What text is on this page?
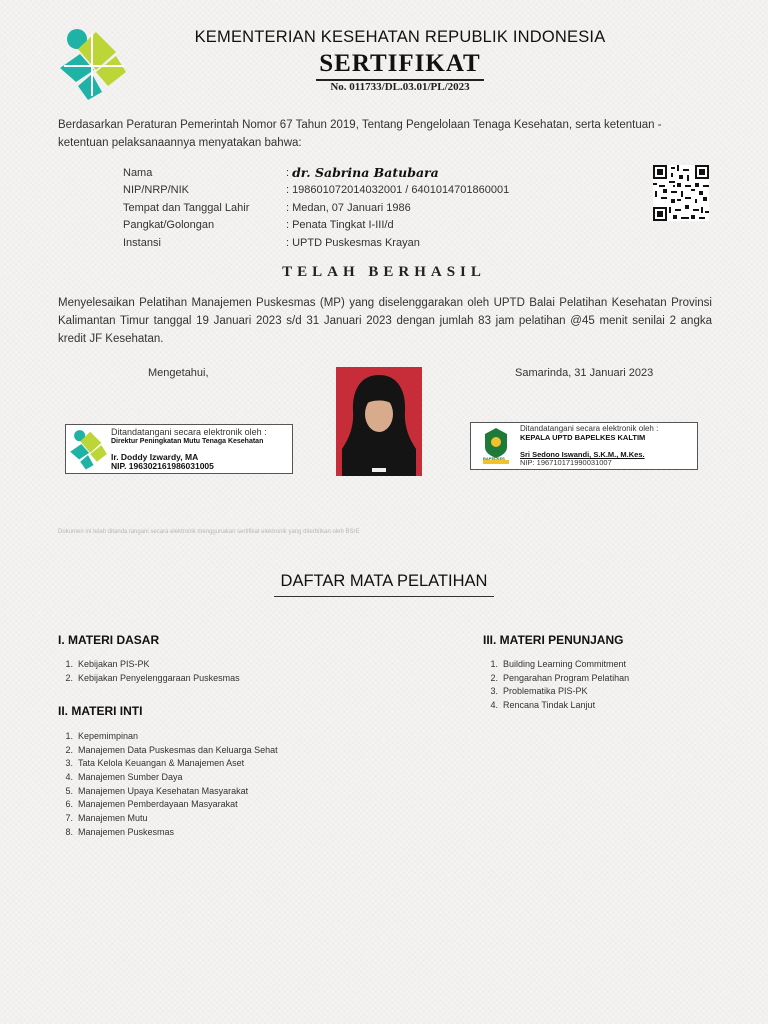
KEMENTERIAN KESEHATAN REPUBLIK INDONESIA
SERTIFIKAT
No. 011733/DL.03.01/PL/2023
Berdasarkan Peraturan Pemerintah Nomor 67 Tahun 2019, Tentang Pengelolaan Tenaga Kesehatan, serta ketentuan - ketentuan pelaksanaannya menyatakan bahwa:
Nama	: dr. Sabrina Batubara
NIP/NRP/NIK	: 198601072014032001 / 6401014701860001
Tempat dan Tanggal Lahir	: Medan, 07 Januari 1986
Pangkat/Golongan	: Penata Tingkat I-III/d
Instansi	: UPTD Puskesmas Krayan
TELAH BERHASIL
Menyelesaikan Pelatihan Manajemen Puskesmas (MP) yang diselenggarakan oleh UPTD Balai Pelatihan Kesehatan Provinsi Kalimantan Timur tanggal 19 Januari 2023 s/d 31 Januari 2023 dengan jumlah 83 jam pelatihan @45 menit senilai 2 angka kredit JF Kesehatan.
Mengetahui,	Samarinda, 31 Januari 2023
Ditandatangani secara elektronik oleh :
Direktur Peningkatan Mutu Tenaga Kesehatan
Ir. Doddy Izwardy, MA
NIP. 196302161986031005
BAPELKES
Ditandatangani secara elektronik oleh :
KEPALA UPTD BAPELKES KALTIM
Sri Sedono Iswandi, S.K.M., M.Kes.
NIP: 196710171990031007
Dokumen ini telah ditanda tangani secara elektronik menggunakan sertifikat elektronik yang diterbitkan oleh BSrE
DAFTAR MATA PELATIHAN
I. MATERI DASAR
1. Kebijakan PIS-PK
2. Kebijakan Penyelenggaraan Puskesmas
II. MATERI INTI
1. Kepemimpinan
2. Manajemen Data Puskesmas dan Keluarga Sehat
3. Tata Kelola Keuangan & Manajemen Aset
4. Manajemen Sumber Daya
5. Manajemen Upaya Kesehatan Masyarakat
6. Manajemen Pemberdayaan Masyarakat
7. Manajemen Mutu
8. Manajemen Puskesmas
III. MATERI PENUNJANG
1. Building Learning Commitment
2. Pengarahan Program Pelatihan
3. Problematika PIS-PK
4. Rencana Tindak Lanjut
